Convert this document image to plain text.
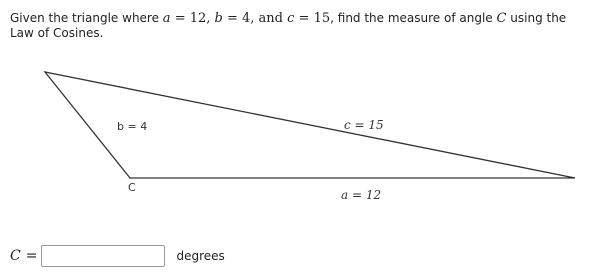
Given the triangle where a = 12, b = 4, and c = 15, find the measure of angle C using the Law of Cosines.
b = 4	c = 15
C
a = 12
C =	degrees
